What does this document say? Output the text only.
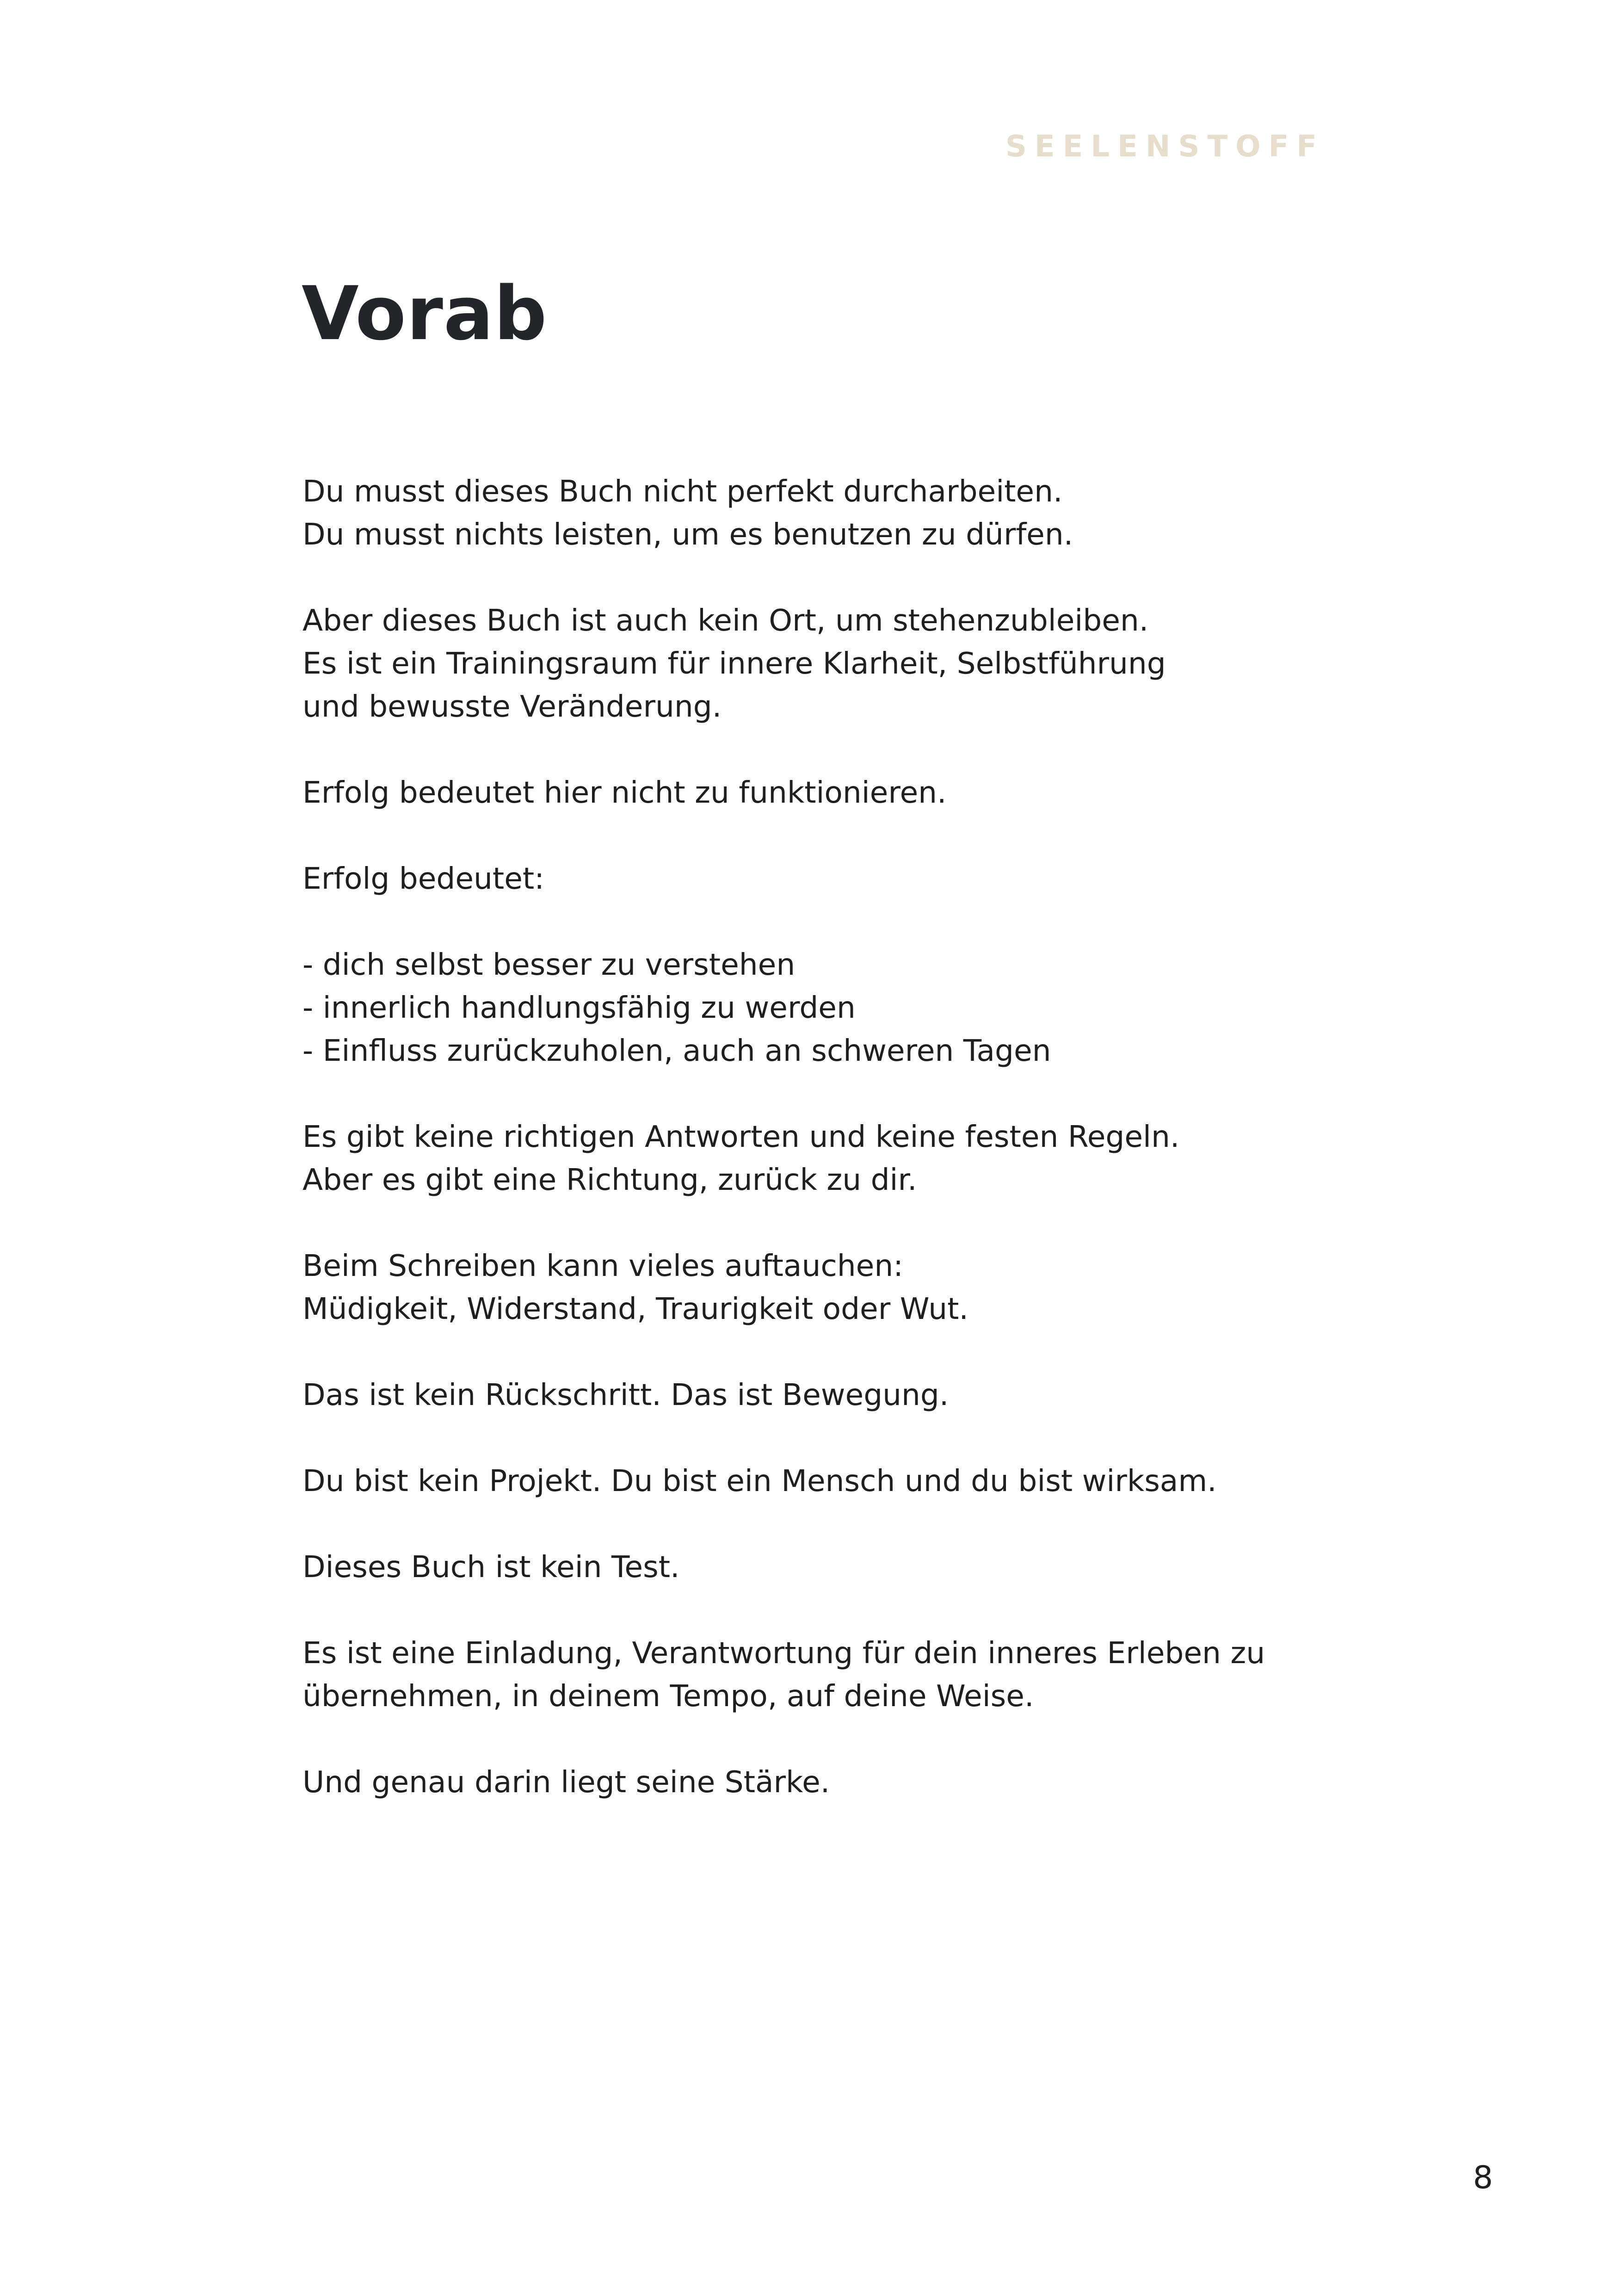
SEELENSTOFF
Vorab
Du musst dieses Buch nicht perfekt durcharbeiten.
Du musst nichts leisten, um es benutzen zu dürfen.
Aber dieses Buch ist auch kein Ort, um stehenzubleiben.
Es ist ein Trainingsraum für innere Klarheit, Selbstführung
und bewusste Veränderung.
Erfolg bedeutet hier nicht zu funktionieren.
Erfolg bedeutet:
- dich selbst besser zu verstehen
- innerlich handlungsfähig zu werden
- Einfluss zurückzuholen, auch an schweren Tagen
Es gibt keine richtigen Antworten und keine festen Regeln.
Aber es gibt eine Richtung, zurück zu dir.
Beim Schreiben kann vieles auftauchen:
Müdigkeit, Widerstand, Traurigkeit oder Wut.
Das ist kein Rückschritt. Das ist Bewegung.
Du bist kein Projekt. Du bist ein Mensch und du bist wirksam.
Dieses Buch ist kein Test.
Es ist eine Einladung, Verantwortung für dein inneres Erleben zu
übernehmen, in deinem Tempo, auf deine Weise.
Und genau darin liegt seine Stärke.
8
